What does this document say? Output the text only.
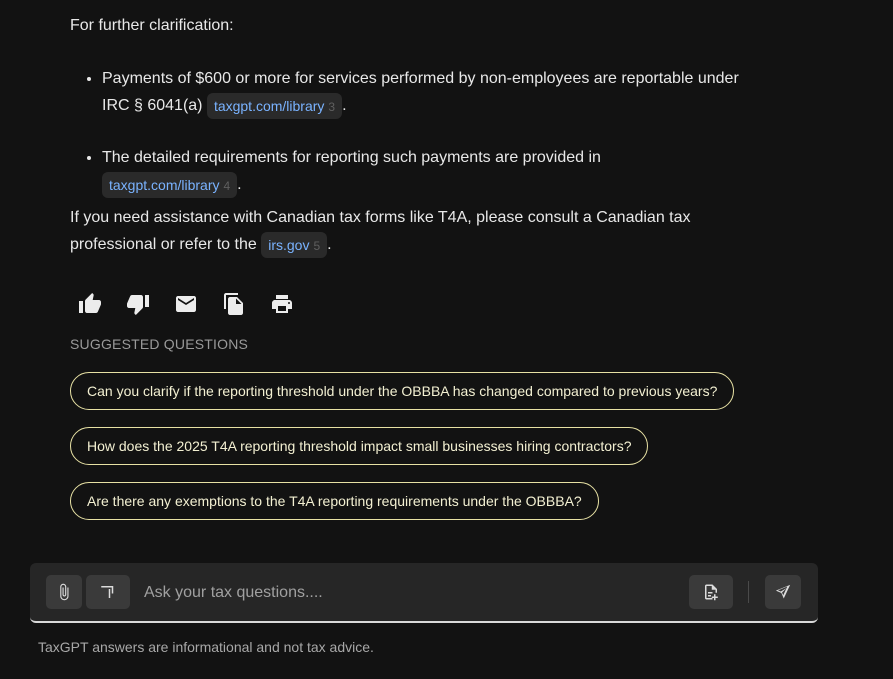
For further clarification:

• Payments of $600 or more for services performed by non-employees are reportable under IRC § 6041(a) taxgpt.com/library 3 .
• The detailed requirements for reporting such payments are provided in
taxgpt.com/library 4 .

If you need assistance with Canadian tax forms like T4A, please consult a Canadian tax professional or refer to the irs.gov 5 .

SUGGESTED QUESTIONS

Can you clarify if the reporting threshold under the OBBBA has changed compared to previous years?
How does the 2025 T4A reporting threshold impact small businesses hiring contractors?
Are there any exemptions to the T4A reporting requirements under the OBBBA?
Ask your tax questions....

TaxGPT answers are informational and not tax advice.
